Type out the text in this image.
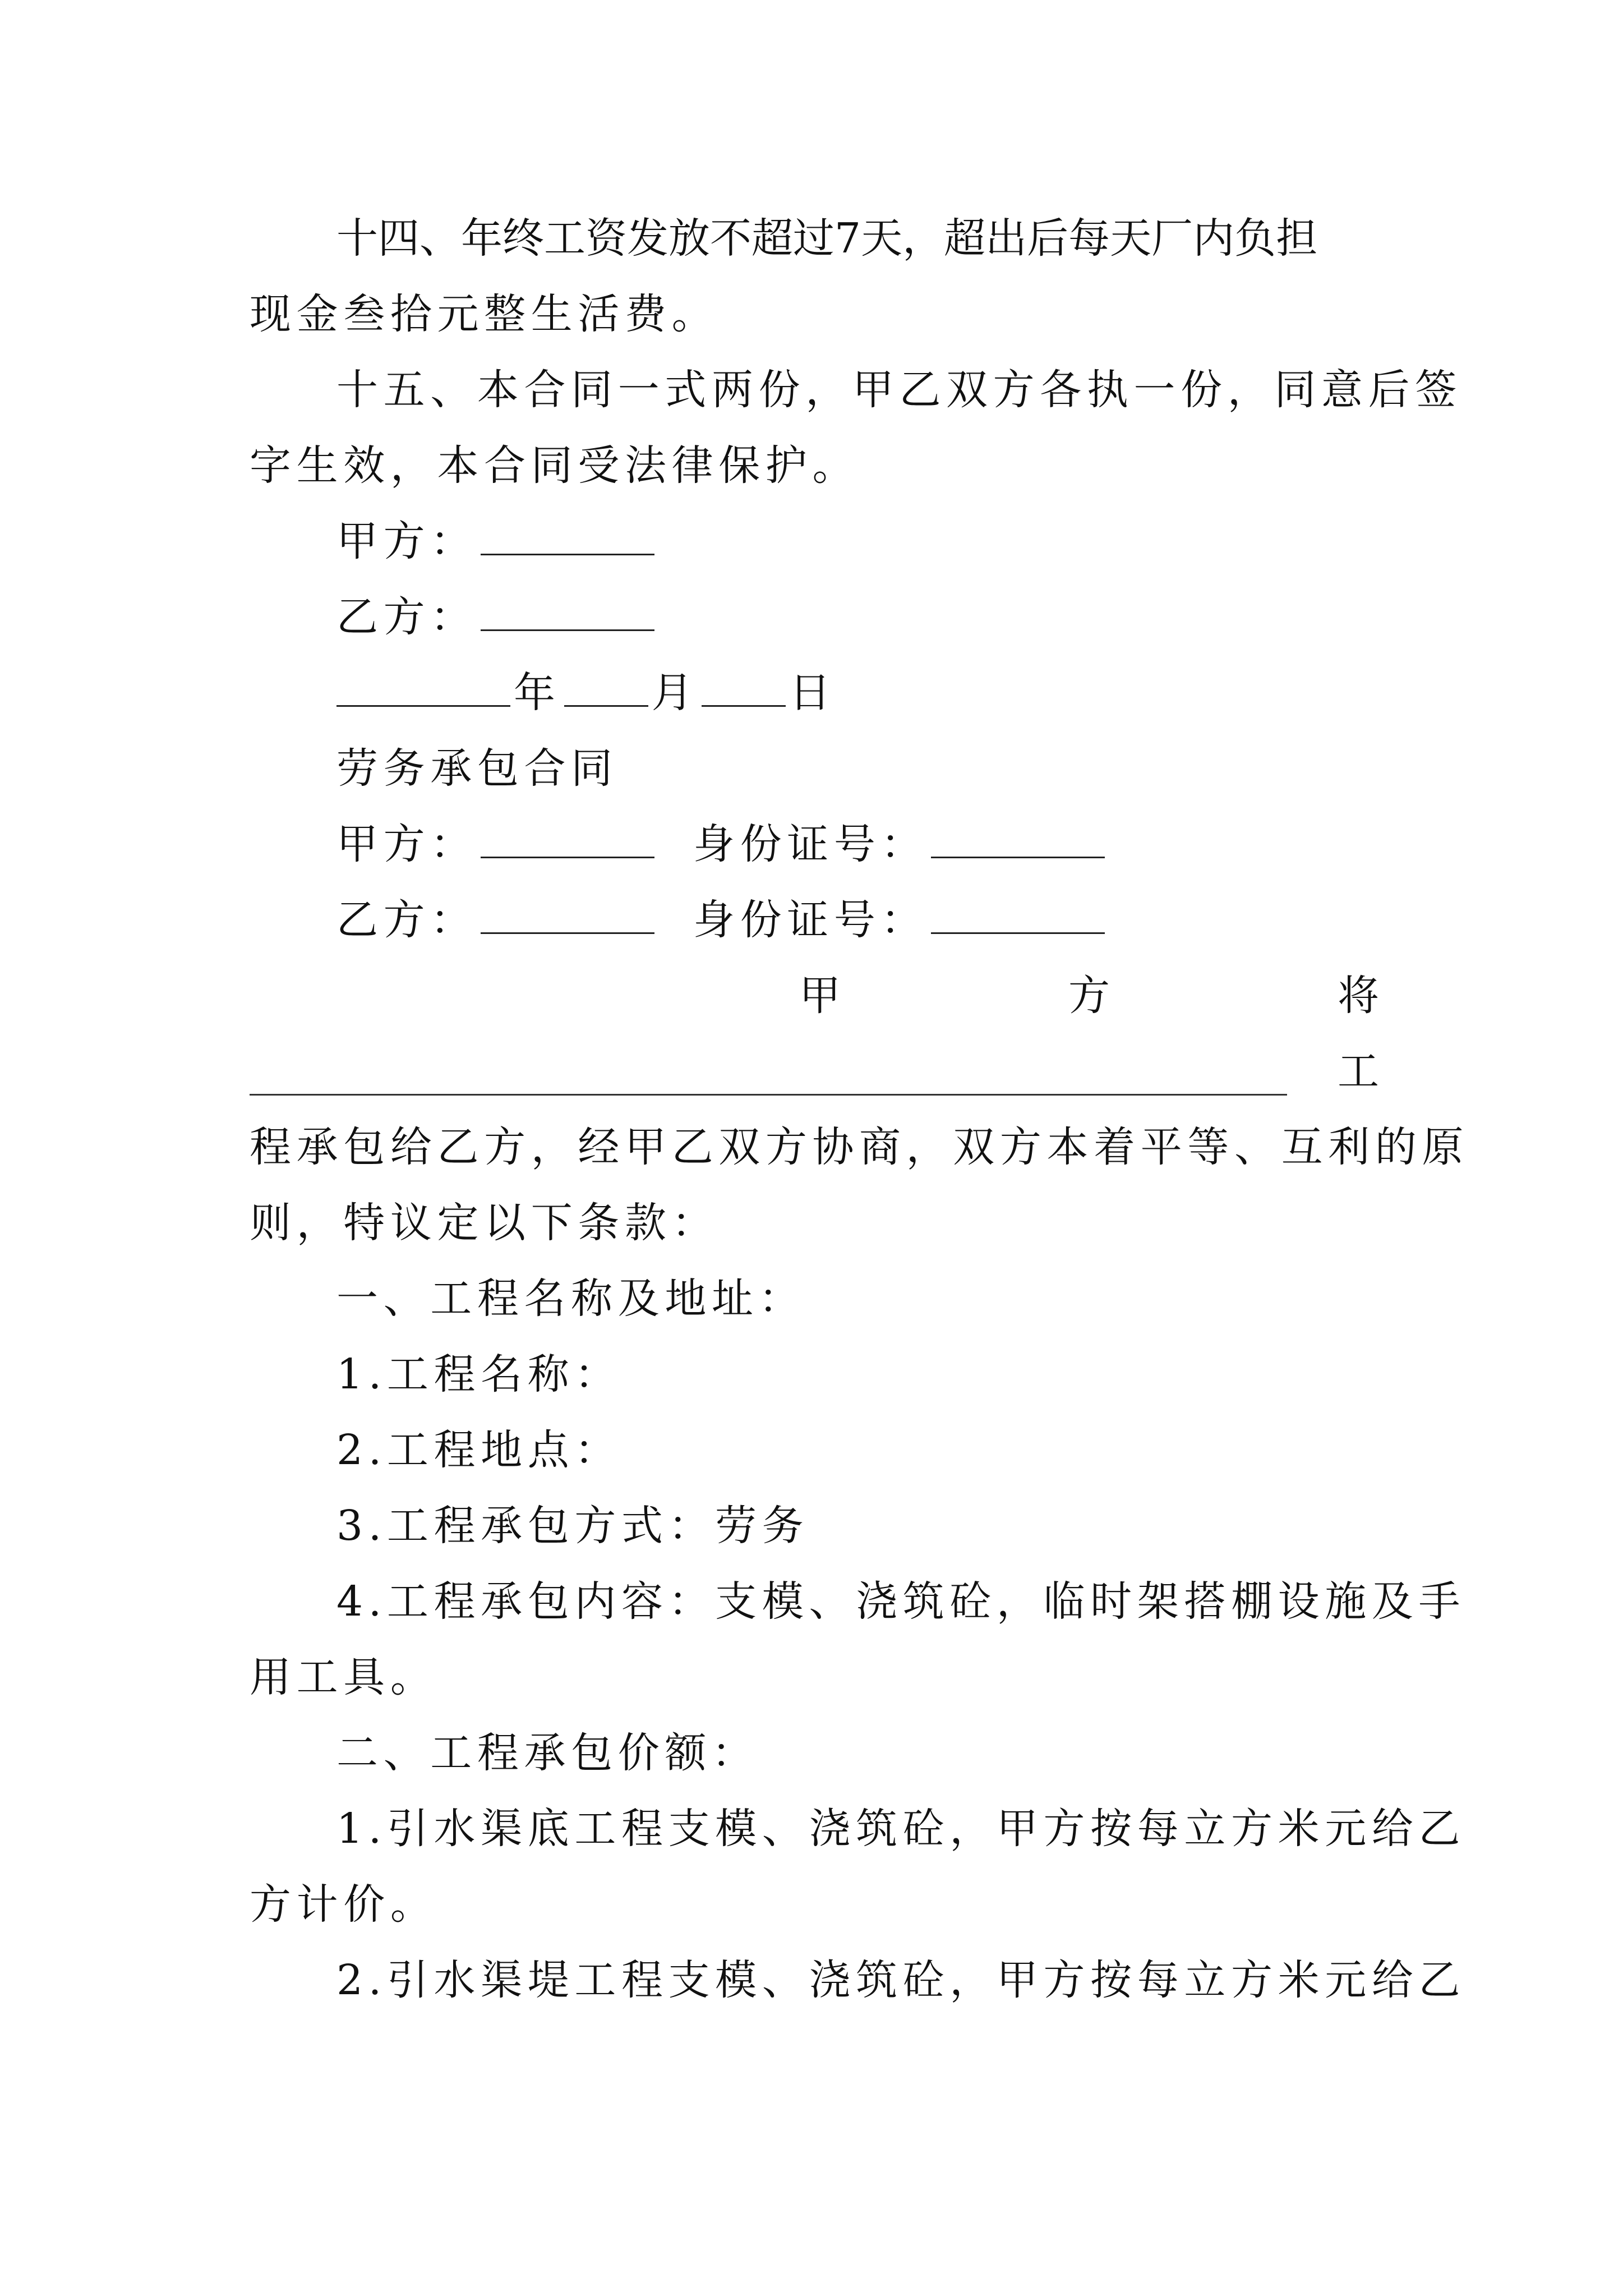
十四、年终工资发放不超过7天，超出后每天厂内负担
现金叁拾元整生活费。
十五、本合同一式两份，甲乙双方各执一份，同意后签
字生效，本合同受法律保护。
甲方：
乙方：
年 月 日
劳务承包合同
甲方：	身份证号：
乙方：	身份证号：
甲	方	将
工
程承包给乙方，经甲乙双方协商，双方本着平等、互利的原
则，特议定以下条款：
一、工程名称及地址：
1.工程名称：
2.工程地点：
3.工程承包方式：劳务
4.工程承包内容：支模、浇筑砼，临时架搭棚设施及手
用工具。
二、工程承包价额：
1.引水渠底工程支模、浇筑砼，甲方按每立方米元给乙
方计价。
2.引水渠堤工程支模、浇筑砼，甲方按每立方米元给乙
